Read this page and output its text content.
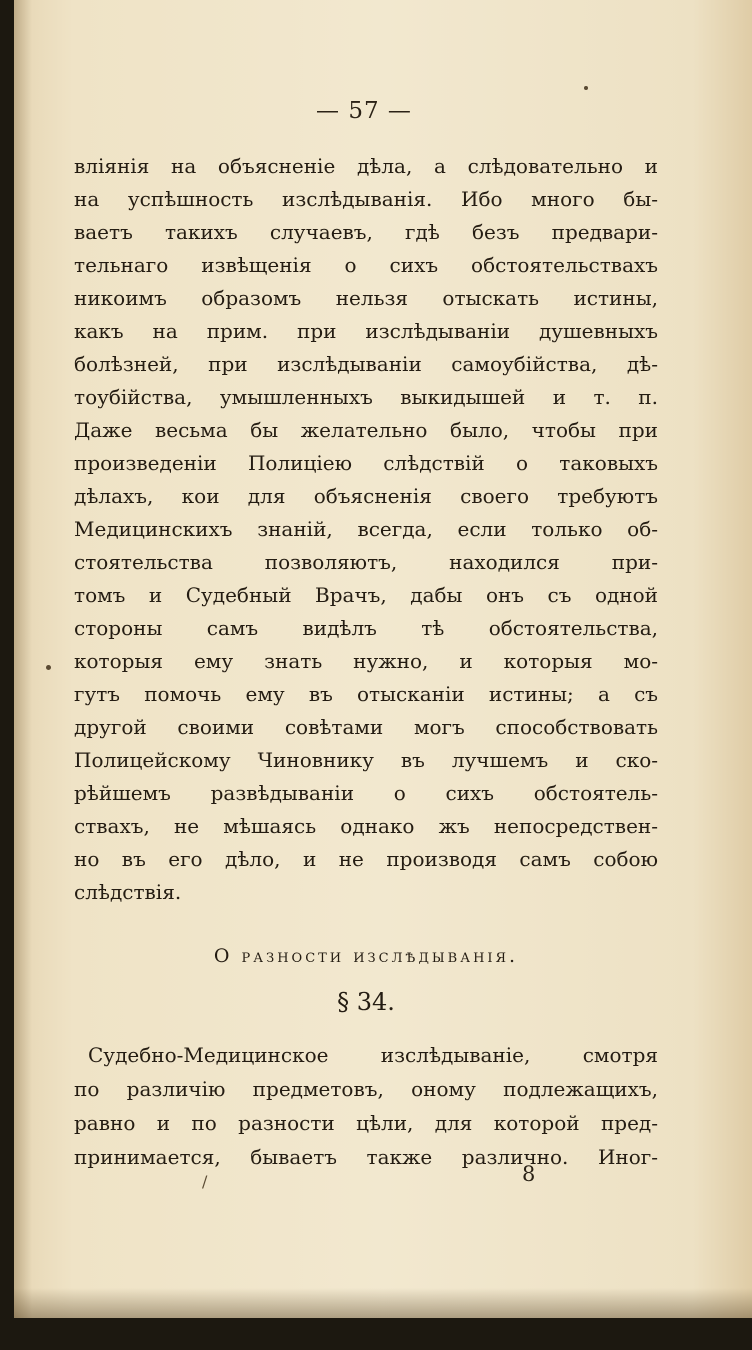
— 57 —
вліянія на объясненіе дѣла, а слѣдовательно и
на успѣшность изслѣдыванія. Ибо много бы-
ваетъ такихъ случаевъ, гдѣ безъ предвари-
тельнаго извѣщенія о сихъ обстоятельствахъ
никоимъ образомъ нельзя отыскать истины,
какъ на прим. при изслѣдываніи душевныхъ
болѣзней, при изслѣдываніи самоубійства, дѣ-
тоубійства, умышленныхъ выкидышей и т. п.
Даже весьма бы желательно было, чтобы при
произведеніи Полиціею слѣдствій о таковыхъ
дѣлахъ, кои для объясненія своего требуютъ
Медицинскихъ знаній, всегда, если только об-
стоятельства позволяютъ, находился при-
томъ и Судебный Врачъ, дабы онъ съ одной
стороны самъ видѣлъ тѣ обстоятельства,
которыя ему знать нужно, и которыя мо-
гутъ помочь ему въ отысканіи истины; а съ
другой своими совѣтами могъ способствовать
Полицейскому Чиновнику въ лучшемъ и ско-
рѣйшемъ развѣдываніи о сихъ обстоятель-
ствахъ, не мѣшаясь однако жъ непосредствен-
но въ его дѣло, и не производя самъ собою
слѣдствія.
О разности изслѣдыванія.
§ 34.
Судебно-Медицинское изслѣдываніе, смотря
по различію предметовъ, оному подлежащихъ,
равно и по разности цѣли, для которой пред-
принимается, бываетъ также различно. Иног-
/	8
